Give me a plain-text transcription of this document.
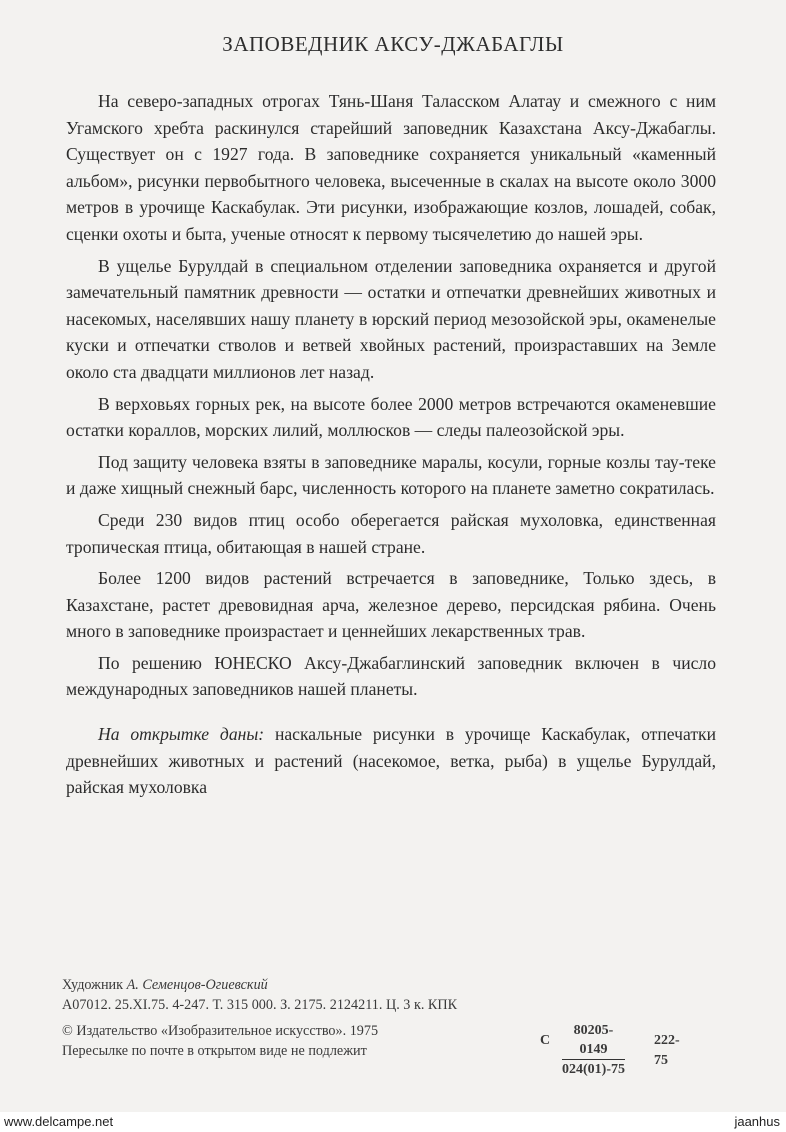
ЗАПОВЕДНИК АКСУ-ДЖАБАГЛЫ

На северо-западных отрогах Тянь-Шаня Таласском Алатау и смежного с ним Угамского хребта раскинулся старейший заповедник Казахстана Аксу-Джабаглы. Существует он с 1927 года. В заповеднике сохраняется уникальный «каменный альбом», рисунки первобытного человека, высеченные в скалах на высоте около 3000 метров в урочище Каскабулак. Эти рисунки, изображающие козлов, лошадей, собак, сценки охоты и быта, ученые относят к первому тысячелетию до нашей эры.

В ущелье Бурулдай в специальном отделении заповедника охраняется и другой замечательный памятник древности — остатки и отпечатки древнейших животных и насекомых, населявших нашу планету в юрский период мезозойской эры, окаменелые куски и отпечатки стволов и ветвей хвойных растений, произраставших на Земле около ста двадцати миллионов лет назад.

В верховьях горных рек, на высоте более 2000 метров встречаются окаменевшие остатки кораллов, морских лилий, моллюсков — следы палеозойской эры.

Под защиту человека взяты в заповеднике маралы, косули, горные козлы тау-теке и даже хищный снежный барс, численность которого на планете заметно сократилась.

Среди 230 видов птиц особо оберегается райская мухоловка, единственная тропическая птица, обитающая в нашей стране.

Более 1200 видов растений встречается в заповеднике, Только здесь, в Казахстане, растет древовидная арча, железное дерево, персидская рябина. Очень много в заповеднике произрастает и ценнейших лекарственных трав.

По решению ЮНЕСКО Аксу-Джабаглинский заповедник включен в число международных заповедников нашей планеты.

На открытке даны: наскальные рисунки в урочище Каскабулак, отпечатки древнейших животных и растений (насекомое, ветка, рыба) в ущелье Бурулдай, райская мухоловка

Художник А. Семенцов-Огиевский
А07012. 25.XI.75. 4-247. Т. 315 000. З. 2175. 2124211. Ц. 3 к. КПК
© Издательство «Изобразительное искусство». 1975
Пересылке по почте в открытом виде не подлежит
С $\frac{80205-0149}{024(01)-75} 222-75$
www.delcampe.net	jaanhus
